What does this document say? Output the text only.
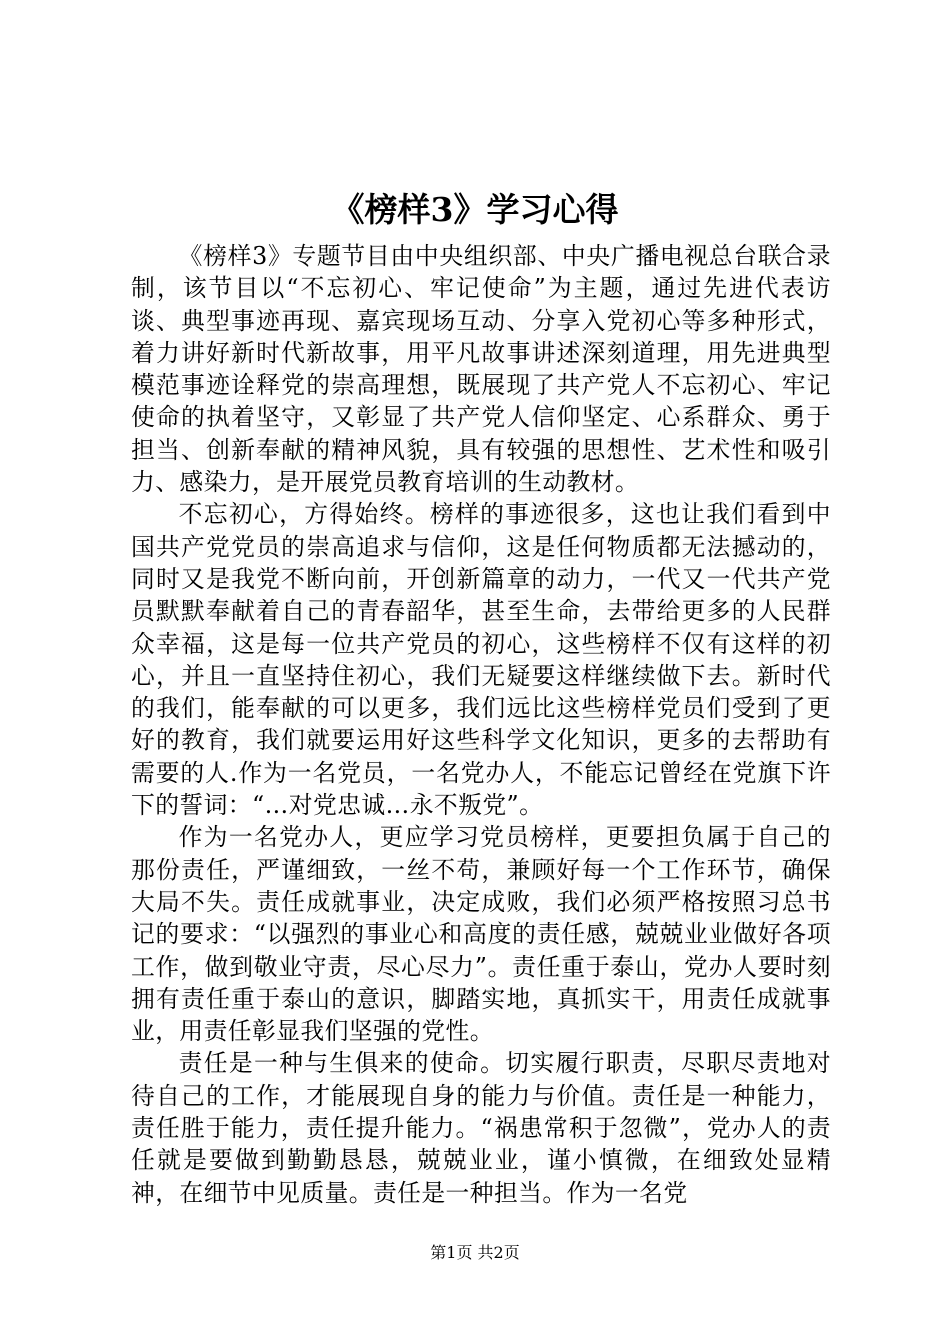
《榜样3》学习心得

《榜样3》专题节目由中央组织部、中央广播电视总台联合录制，该节目以“不忘初心、牢记使命”为主题，通过先进代表访谈、典型事迹再现、嘉宾现场互动、分享入党初心等多种形式，着力讲好新时代新故事，用平凡故事讲述深刻道理，用先进典型模范事迹诠释党的崇高理想，既展现了共产党人不忘初心、牢记使命的执着坚守，又彰显了共产党人信仰坚定、心系群众、勇于担当、创新奉献的精神风貌，具有较强的思想性、艺术性和吸引力、感染力，是开展党员教育培训的生动教材。

不忘初心，方得始终。榜样的事迹很多，这也让我们看到中国共产党党员的崇高追求与信仰，这是任何物质都无法撼动的，同时又是我党不断向前，开创新篇章的动力，一代又一代共产党员默默奉献着自己的青春韶华，甚至生命，去带给更多的人民群众幸福，这是每一位共产党员的初心，这些榜样不仅有这样的初心，并且一直坚持住初心，我们无疑要这样继续做下去。新时代的我们，能奉献的可以更多，我们远比这些榜样党员们受到了更好的教育，我们就要运用好这些科学文化知识，更多的去帮助有需要的人.作为一名党员，一名党办人，不能忘记曾经在党旗下许下的誓词：“…对党忠诚…永不叛党”。

作为一名党办人，更应学习党员榜样，更要担负属于自己的那份责任，严谨细致，一丝不苟，兼顾好每一个工作环节，确保大局不失。责任成就事业，决定成败，我们必须严格按照习总书记的要求：“以强烈的事业心和高度的责任感，兢兢业业做好各项工作，做到敬业守责，尽心尽力”。责任重于泰山，党办人要时刻拥有责任重于泰山的意识，脚踏实地，真抓实干，用责任成就事业，用责任彰显我们坚强的党性。

责任是一种与生俱来的使命。切实履行职责，尽职尽责地对待自己的工作，才能展现自身的能力与价值。责任是一种能力，责任胜于能力，责任提升能力。“祸患常积于忽微”，党办人的责任就是要做到勤勤恳恳，兢兢业业，谨小慎微，在细致处显精神，在细节中见质量。责任是一种担当。作为一名党

第1页 共2页
